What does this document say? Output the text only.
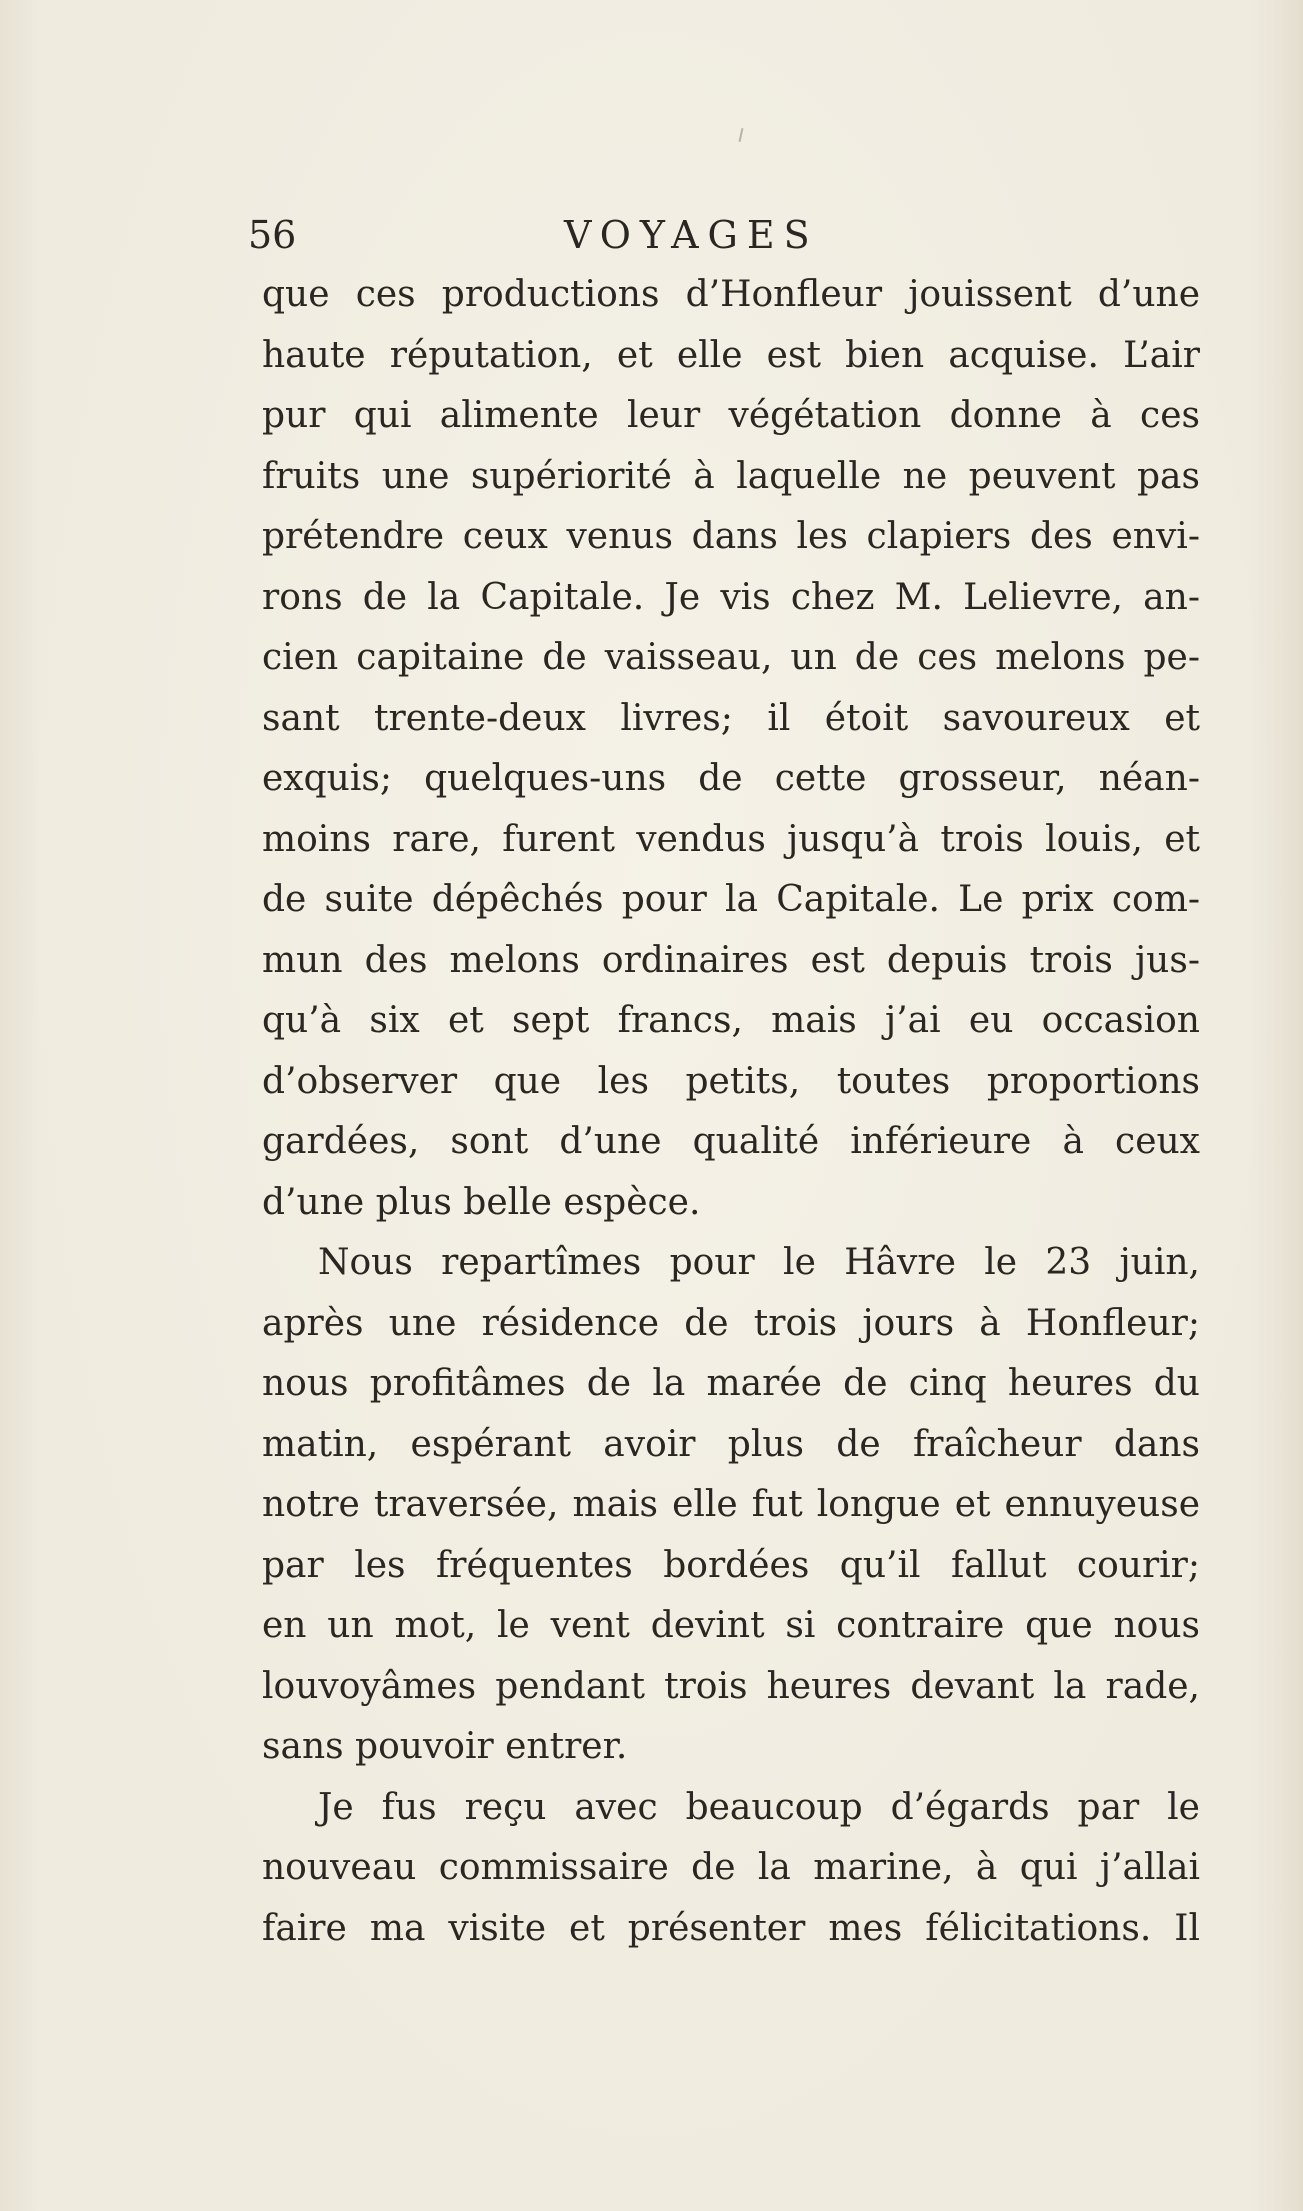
56	VOYAGES
que ces productions d’Honfleur jouissent d’une
haute réputation, et elle est bien acquise. L’air
pur qui alimente leur végétation donne à ces
fruits une supériorité à laquelle ne peuvent pas
prétendre ceux venus dans les clapiers des envi-
rons de la Capitale. Je vis chez M. Lelievre, an-
cien capitaine de vaisseau, un de ces melons pe-
sant trente-deux livres; il étoit savoureux et
exquis; quelques-uns de cette grosseur, néan-
moins rare, furent vendus jusqu’à trois louis, et
de suite dépêchés pour la Capitale. Le prix com-
mun des melons ordinaires est depuis trois jus-
qu’à six et sept francs, mais j’ai eu occasion
d’observer que les petits, toutes proportions
gardées, sont d’une qualité inférieure à ceux
d’une plus belle espèce.
Nous repartîmes pour le Hâvre le 23 juin,
après une résidence de trois jours à Honfleur;
nous profitâmes de la marée de cinq heures du
matin, espérant avoir plus de fraîcheur dans
notre traversée, mais elle fut longue et ennuyeuse
par les fréquentes bordées qu’il fallut courir;
en un mot, le vent devint si contraire que nous
louvoyâmes pendant trois heures devant la rade,
sans pouvoir entrer.
Je fus reçu avec beaucoup d’égards par le
nouveau commissaire de la marine, à qui j’allai
faire ma visite et présenter mes félicitations. Il
